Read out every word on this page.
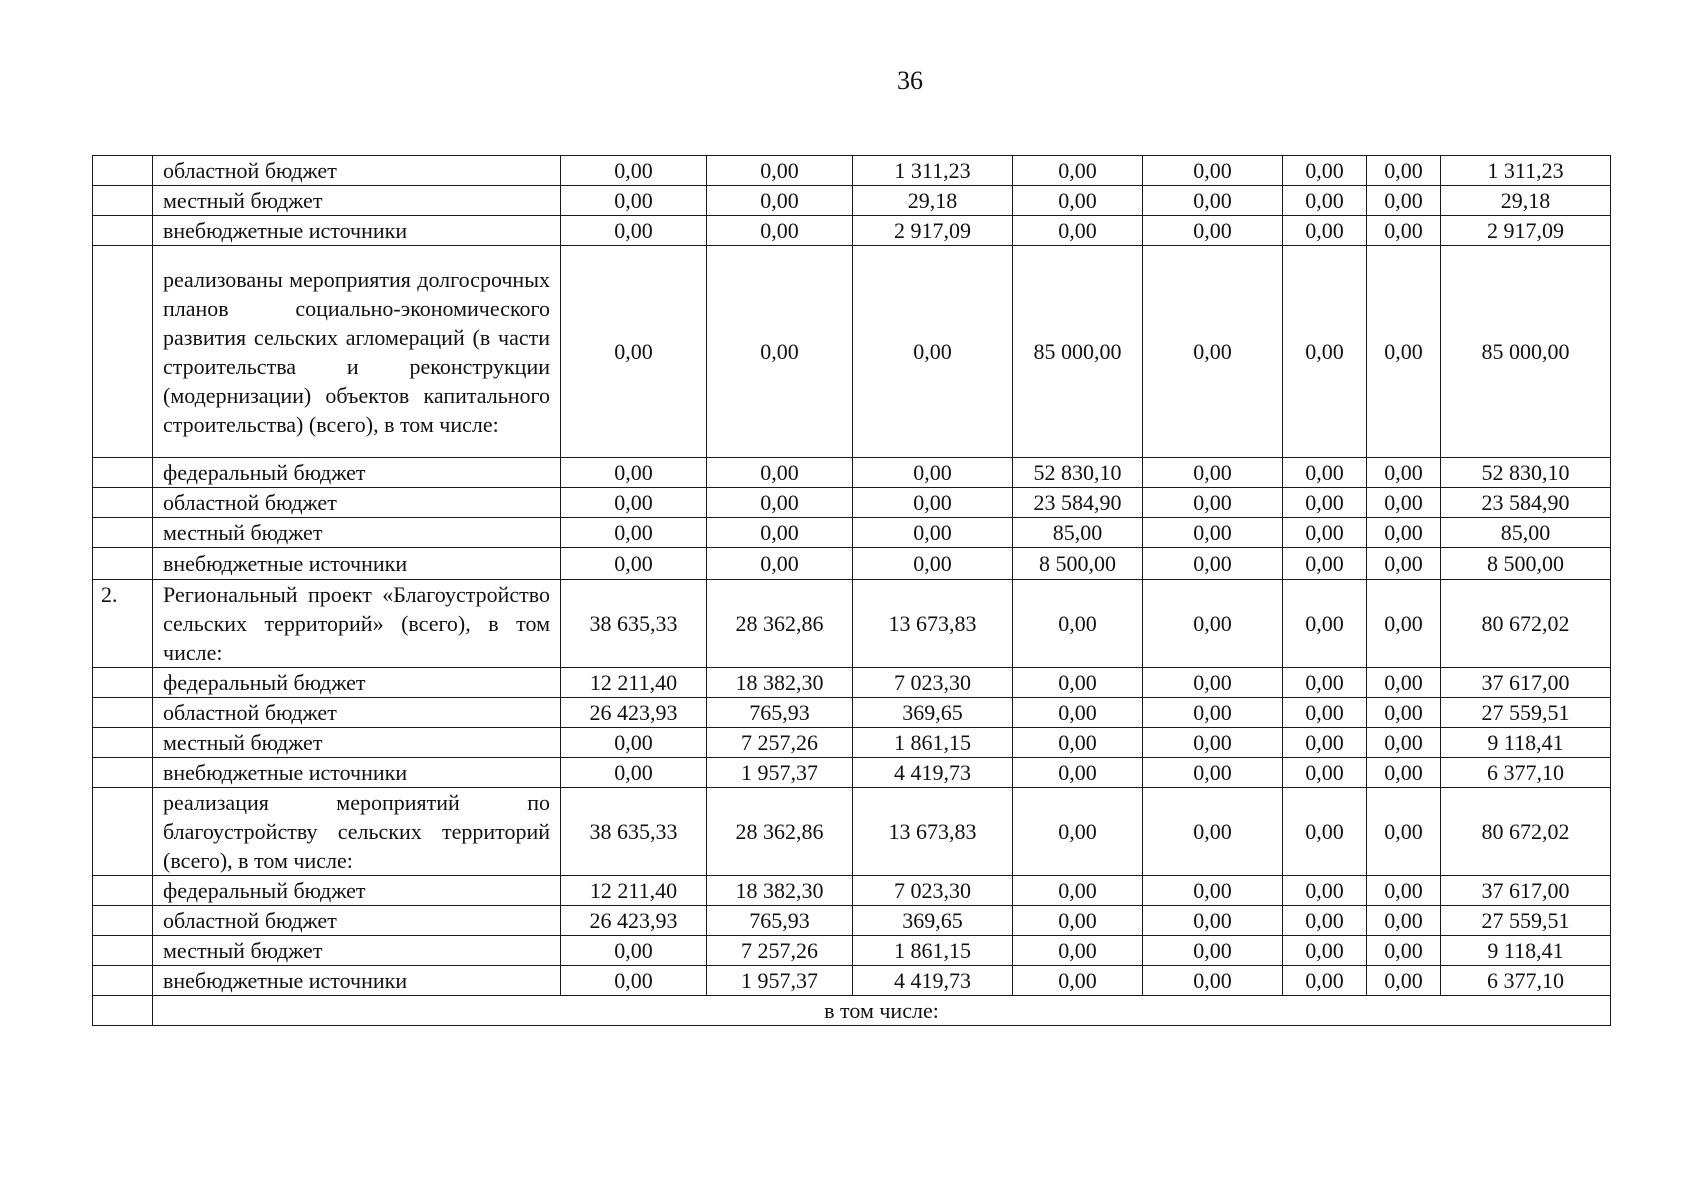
36
	областной бюджет	0,00	0,00	1 311,23	0,00	0,00	0,00	0,00	1 311,23
	местный бюджет	0,00	0,00	29,18	0,00	0,00	0,00	0,00	29,18
	внебюджетные источники	0,00	0,00	2 917,09	0,00	0,00	0,00	0,00	2 917,09
	реализованы мероприятия долгосрочных планов социально-экономического развития сельских агломераций (в части строительства и реконструкции (модернизации) объектов капитального строительства) (всего), в том числе:	0,00	0,00	0,00	85 000,00	0,00	0,00	0,00	85 000,00
	федеральный бюджет	0,00	0,00	0,00	52 830,10	0,00	0,00	0,00	52 830,10
	областной бюджет	0,00	0,00	0,00	23 584,90	0,00	0,00	0,00	23 584,90
	местный бюджет	0,00	0,00	0,00	85,00	0,00	0,00	0,00	85,00
	внебюджетные источники	0,00	0,00	0,00	8 500,00	0,00	0,00	0,00	8 500,00
2.	Региональный проект «Благоустройство сельских территорий» (всего), в том числе:	38 635,33	28 362,86	13 673,83	0,00	0,00	0,00	0,00	80 672,02
	федеральный бюджет	12 211,40	18 382,30	7 023,30	0,00	0,00	0,00	0,00	37 617,00
	областной бюджет	26 423,93	765,93	369,65	0,00	0,00	0,00	0,00	27 559,51
	местный бюджет	0,00	7 257,26	1 861,15	0,00	0,00	0,00	0,00	9 118,41
	внебюджетные источники	0,00	1 957,37	4 419,73	0,00	0,00	0,00	0,00	6 377,10
	реализация мероприятий по благоустройству сельских территорий (всего), в том числе:	38 635,33	28 362,86	13 673,83	0,00	0,00	0,00	0,00	80 672,02
	федеральный бюджет	12 211,40	18 382,30	7 023,30	0,00	0,00	0,00	0,00	37 617,00
	областной бюджет	26 423,93	765,93	369,65	0,00	0,00	0,00	0,00	27 559,51
	местный бюджет	0,00	7 257,26	1 861,15	0,00	0,00	0,00	0,00	9 118,41
	внебюджетные источники	0,00	1 957,37	4 419,73	0,00	0,00	0,00	0,00	6 377,10
	в том числе:								
